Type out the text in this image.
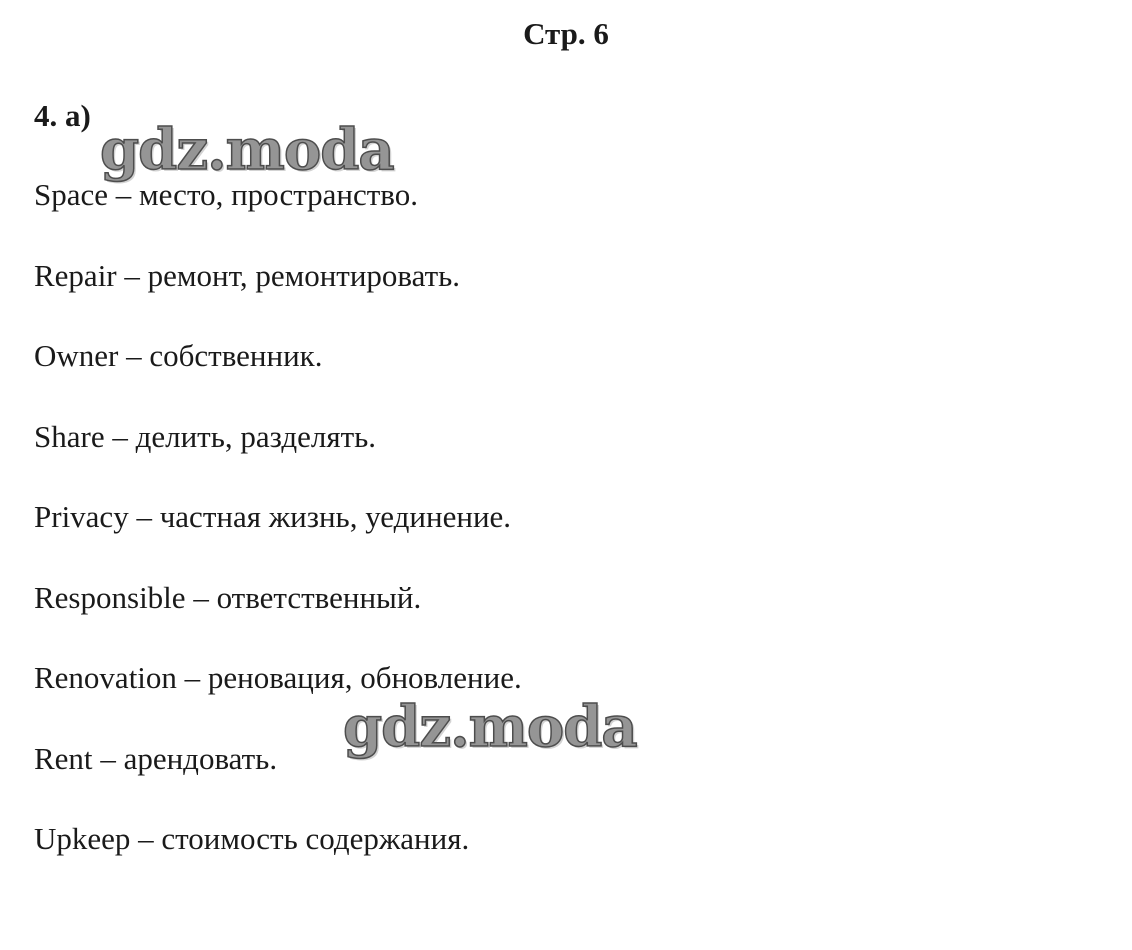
Стр. 6
4. a)
Space – место, пространство.
Repair – ремонт, ремонтировать.
Owner – собственник.
Share – делить, разделять.
Privacy – частная жизнь, уединение.
Responsible – ответственный.
Renovation – реновация, обновление.
Rent – арендовать.
Upkeep – стоимость содержания.
gdz.moda
gdz.moda
